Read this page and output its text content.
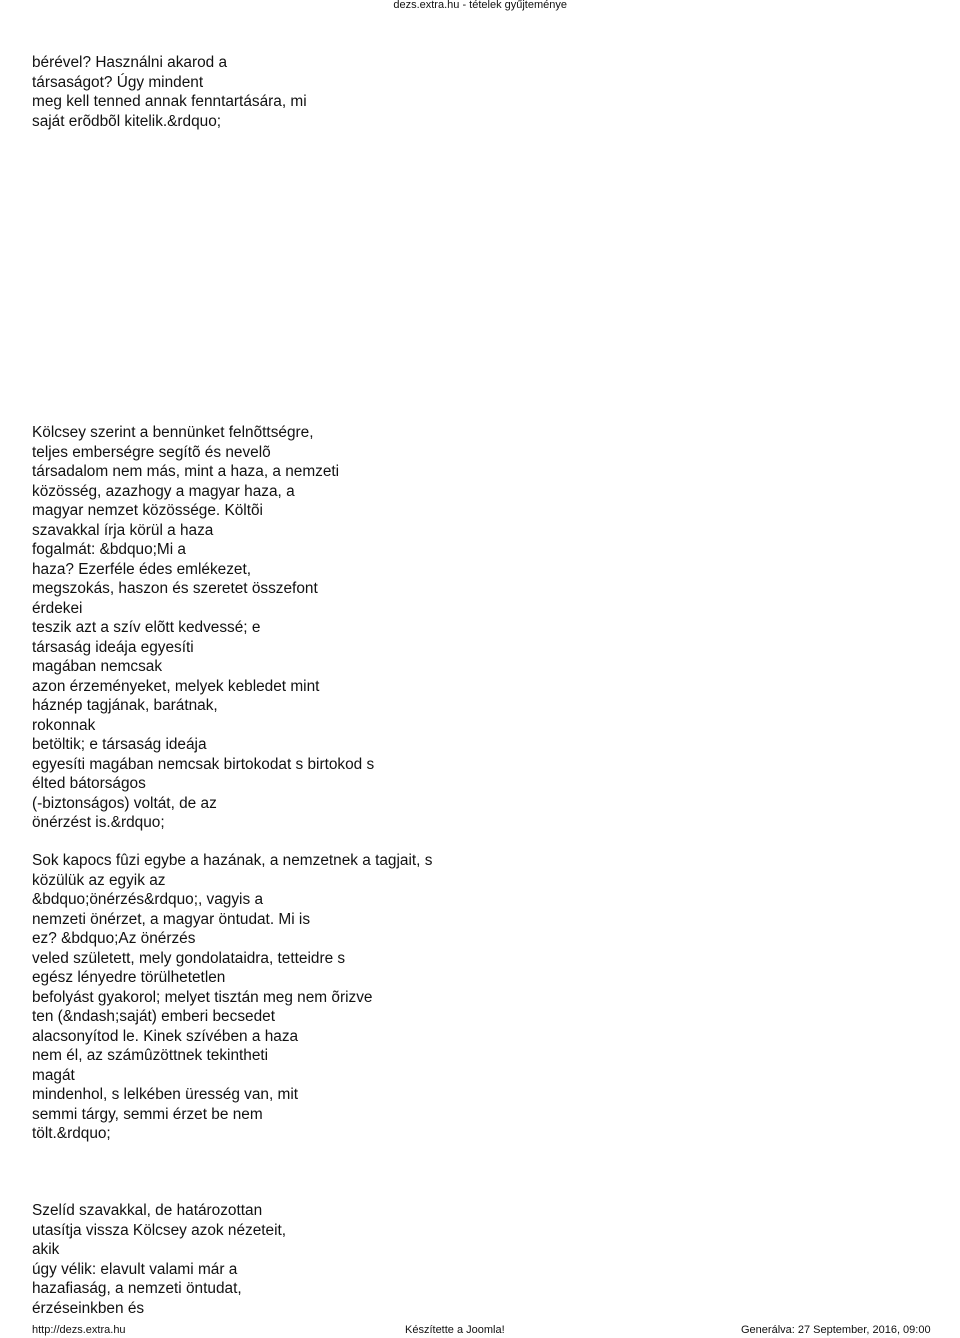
dezs.extra.hu - tételek gyűjteménye
bérével? Használni akarod a
társaságot? Úgy mindent
meg kell tenned annak fenntartására, mi
saját erõdbõl kitelik.&rdquo;
Kölcsey szerint a bennünket felnõttségre,
teljes emberségre segítõ és nevelõ
társadalom nem más, mint a haza, a nemzeti
közösség, azazhogy a magyar haza, a
magyar nemzet közössége. Költõi
szavakkal írja körül a haza
fogalmát: &bdquo;Mi a
haza? Ezerféle édes emlékezet,
megszokás, haszon és szeretet összefont
érdekei
teszik azt a szív elõtt kedvessé; e
társaság ideája egyesíti
magában nemcsak
azon érzeményeket, melyek kebledet mint
háznép tagjának, barátnak,
rokonnak
betöltik; e társaság ideája
egyesíti magában nemcsak birtokodat s birtokod s
élted bátorságos
(-biztonságos) voltát, de az
önérzést is.&rdquo;
Sok kapocs fûzi egybe a hazának, a nemzetnek a tagjait, s
közülük az egyik az
&bdquo;önérzés&rdquo;, vagyis a
nemzeti önérzet, a magyar öntudat. Mi is
ez? &bdquo;Az önérzés
veled született, mely gondolataidra, tetteidre s
egész lényedre törülhetetlen
befolyást gyakorol; melyet tisztán meg nem õrizve
ten (&ndash;saját) emberi becsedet
alacsonyítod le. Kinek szívében a haza
nem él, az számûzöttnek tekintheti
magát
mindenhol, s lelkében üresség van, mit
semmi tárgy, semmi érzet be nem
tölt.&rdquo;
Szelíd szavakkal, de határozottan
utasítja vissza Kölcsey azok nézeteit,
akik
úgy vélik: elavult valami már a
hazafiaság, a nemzeti öntudat,
érzéseinkben és
http://dezs.extra.hu	Készítette a Joomla!	Generálva: 27 September, 2016, 09:00
